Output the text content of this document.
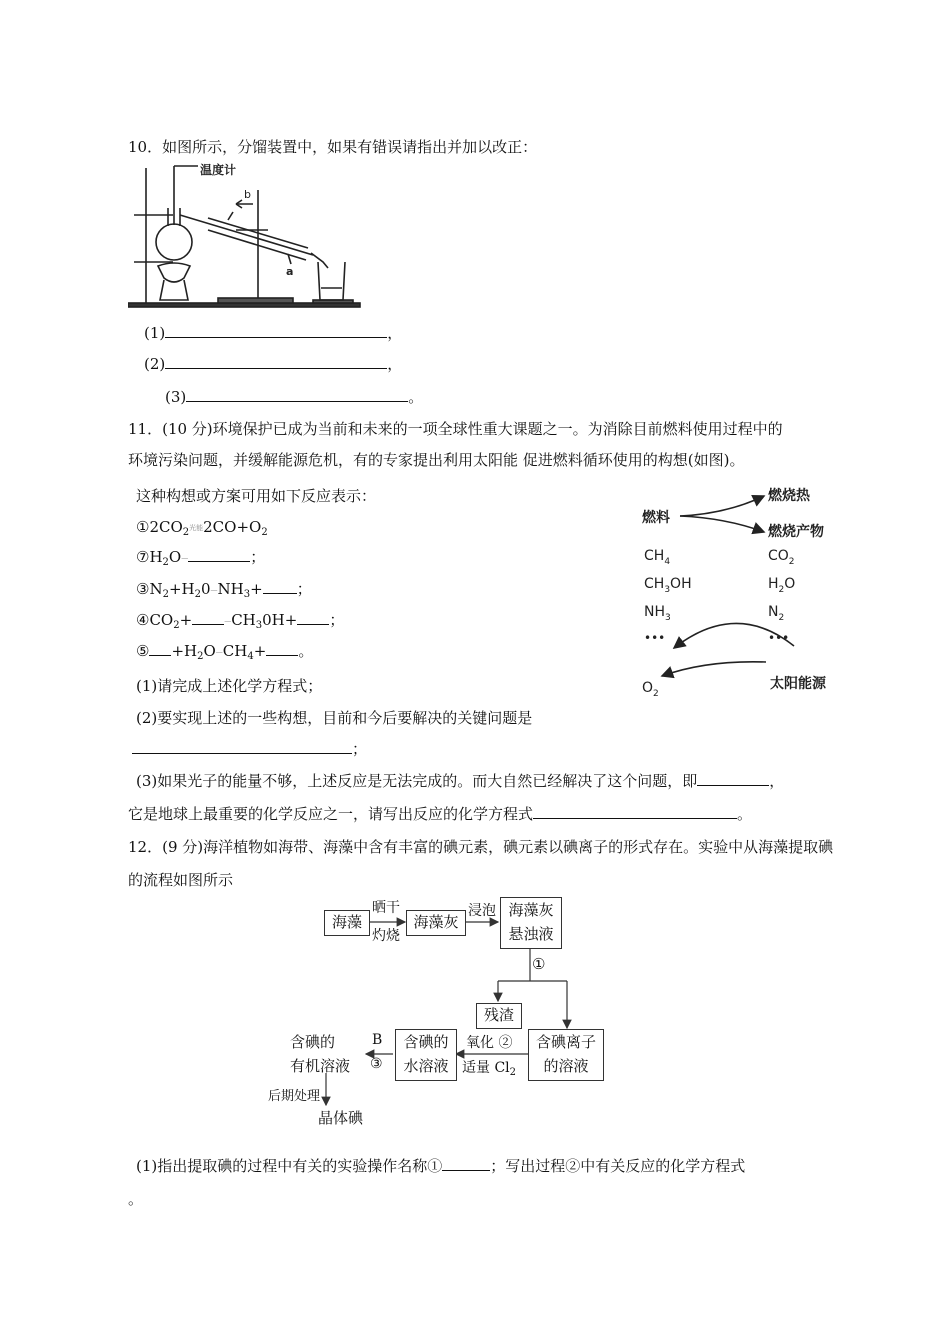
10．如图所示，分馏装置中，如果有错误请指出并加以改正：
温度计
b
a
(1)	，
(2)	，
(3)	。
11．(10 分)环境保护已成为当前和未来的一项全球性重大课题之一。为消除目前燃料使用过程中的
环境污染问题，并缓解能源危机，有的专家提出利用太阳能 促进燃料循环使用的构想(如图)。
这种构想或方案可用如下反应表示：
$①2CO_2$光能$2CO+O_2$
$⑦H_2O—$	；
$③N_2+H_20—NH_3+$ ；
$④CO_2+$	$—CH_30H+$ ；
⑤ $+H_2O—CH_4+$ 。
(1)请完成上述化学方程式；
(2)要实现上述的一些构想，目前和今后要解决的关键问题是
；
(3)如果光子的能量不够，上述反应是无法完成的。而大自然已经解决了这个问题，即	，
它是地球上最重要的化学反应之一，请写出反应的化学方程式	。
燃料
燃烧热
燃烧产物
$CH_4$
$CH_3OH$
$NH_3$
•••
$CO_2$
$H_2O$
$N_2$
•••
$O_2$
太阳能源
12．(9 分)海洋植物如海带、海藻中含有丰富的碘元素，碘元素以碘离子的形式存在。实验中从海藻提取碘
的流程如图所示
海藻
晒干
灼烧
海藻灰
浸泡 海藻灰
悬浊液
①
残渣
含碘离子
的溶液
氧化 ②
适量 $Cl_2$
含碘的
水溶液
B
③
含碘的
有机溶液
后期处理
晶体碘
(1)指出提取碘的过程中有关的实验操作名称①	；写出过程②中有关反应的化学方程式
。
